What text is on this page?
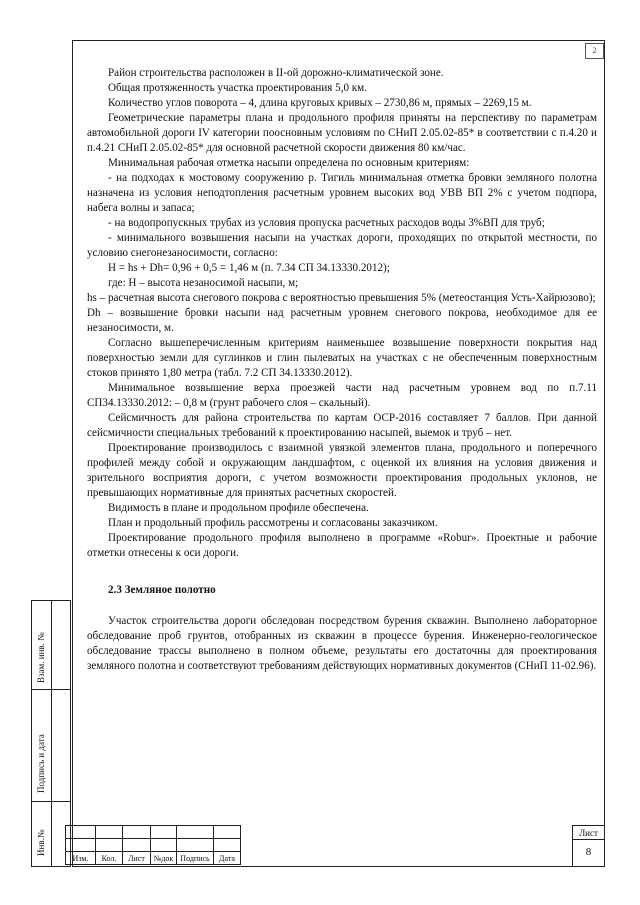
2

Район строительства расположен в II-ой дорожно-климатической зоне.

Общая протяженность участка проектирования 5,0 км.

Количество углов поворота – 4, длина круговых кривых – 2730,86 м, прямых – 2269,15 м.

Геометрические параметры плана и продольного профиля приняты на перспективу по параметрам автомобильной дороги IV категории поосновным условиям по СНиП 2.05.02-85* в соответствии с п.4.20 и п.4.21 СНиП 2.05.02-85* для основной расчетной скорости движения 80 км/час.

Минимальная рабочая отметка насыпи определена по основным критериям:

- на подходах к мостовому сооружению р. Тигиль минимальная отметка бровки земляного полотна назначена из условия неподтопления расчетным уровнем высоких вод УВВ ВП 2% с учетом подпора, набега волны и запаса;

- на водопропускных трубах из условия пропуска расчетных расходов воды 3%ВП для труб;

- минимального возвышения насыпи на участках дороги, проходящих по открытой местности, по условию снегонезаносимости, согласно:

H = hs + Dh= 0,96 + 0,5 = 1,46 м (п. 7.34 СП 34.13330.2012);

где: H – высота незаносимой насыпи, м;

hs – расчетная высота снегового покрова с вероятностью превышения 5% (метеостанция Усть-Хайрюзово);

Dh – возвышение бровки насыпи над расчетным уровнем снегового покрова, необходимое для ее незаносимости, м.

Согласно вышеперечисленным критериям наименьшее возвышение поверхности покрытия над поверхностью земли для суглинков и глин пылеватых на участках с не обеспеченным поверхностным стоков принято 1,80 метра (табл. 7.2 СП 34.13330.2012).

Минимальное возвышение верха проезжей части над расчетным уровнем вод по п.7.11 СП34.13330.2012: – 0,8 м (грунт рабочего слоя – скальный).

Сейсмичность для района строительства по картам ОСР-2016 составляет 7 баллов. При данной сейсмичности специальных требований к проектированию насыпей, выемок и труб – нет.

Проектирование производилось с взаимной увязкой элементов плана, продольного и поперечного профилей между собой и окружающим ландшафтом, с оценкой их влияния на условия движения и зрительного восприятия дороги, с учетом возможности проектирования продольных уклонов, не превышающих нормативные для принятых расчетных скоростей.

Видимость в плане и продольном профиле обеспечена.

План и продольный профиль рассмотрены и согласованы заказчиком.

Проектирование продольного профиля выполнено в программе «Robur». Проектные и рабочие отметки отнесены к оси дороги.

2.3 Земляное полотно

Участок строительства дороги обследован посредством бурения скважин. Выполнено лабораторное обследование проб грунтов, отобранных из скважин в процессе бурения. Инженерно-геологическое обследование трассы выполнено в полном объеме, результаты его достаточны для проектирования земляного полотна и соответствуют требованиям действующих нормативных документов (СНиП 11-02.96).

Изм.	Кол.	Лист	№док	Подпись	Дата
Лист
8
Взам. инв. №
Подпись и дата
Инв.№
